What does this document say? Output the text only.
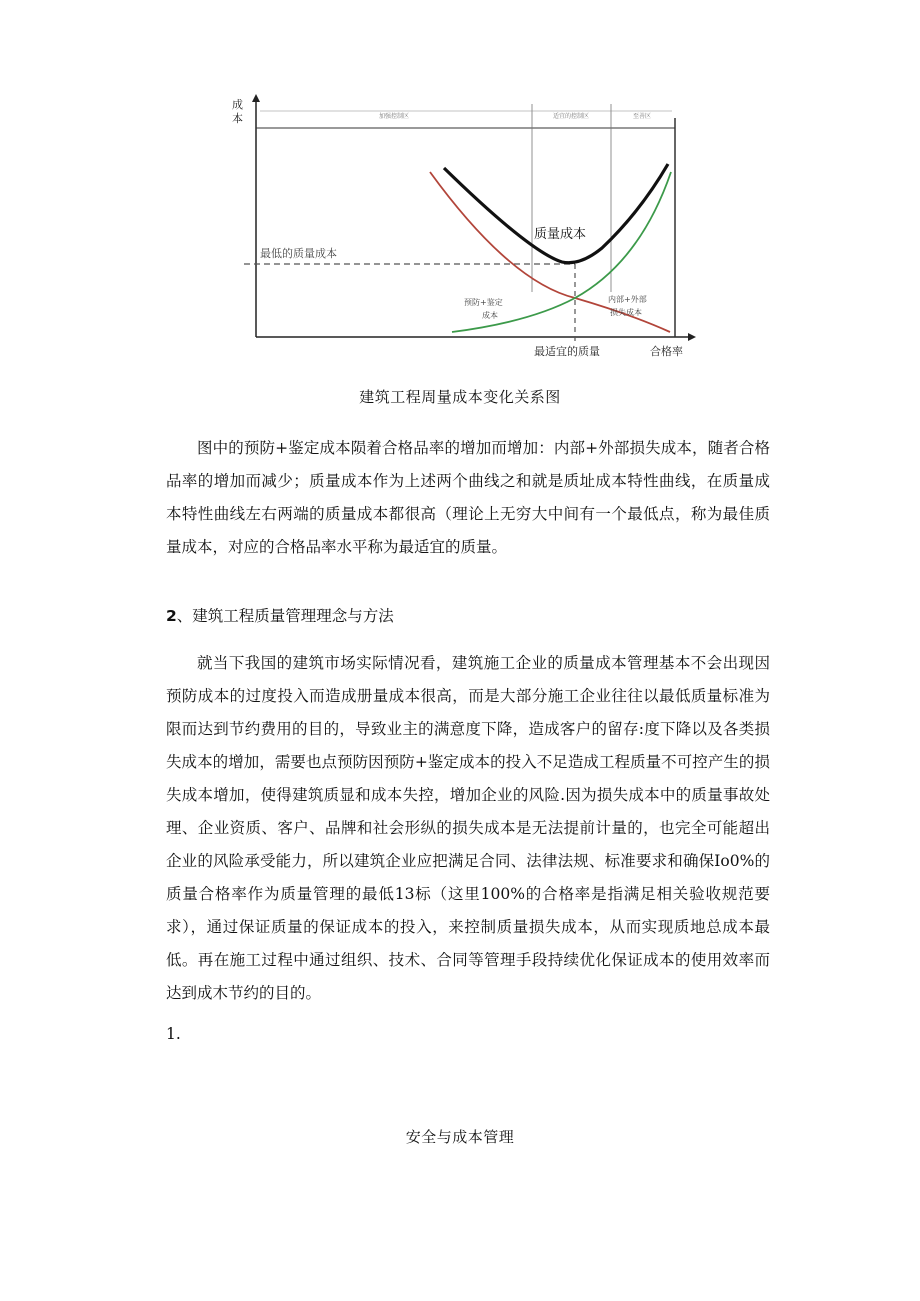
成
本	加强控制区	适宜的控制区	至善区
最低的质量成本
质量成本
预防+鉴定
成本
内部+外部
损失成本
最适宜的质量	合格率
建筑工程周量成本变化关系图

图中的预防+鉴定成本陨着合格品率的增加而增加：内部+外部损失成本，随者合格品率的增加而减少；质量成本作为上述两个曲线之和就是质址成本特性曲线，在质量成本特性曲线左右两端的质量成本都很高（理论上无穷大中间有一个最低点，称为最佳质量成本，对应的合格品率水平称为最适宜的质量。

2、建筑工程质量管理理念与方法

就当下我国的建筑市场实际情况看，建筑施工企业的质量成本管理基本不会出现因预防成本的过度投入而造成册量成本很高，而是大部分施工企业往往以最低质量标准为限而达到节约费用的目的，导致业主的满意度下降，造成客户的留存:度下降以及各类损失成本的增加，需要也点预防因预防+鉴定成本的投入不足造成工程质量不可控产生的损失成本增加，使得建筑质显和成本失控，增加企业的风险.因为损失成本中的质量事故处理、企业资质、客户、品牌和社会形纵的损失成本是无法提前计量的，也完全可能超出企业的风险承受能力，所以建筑企业应把满足合同、法律法规、标准要求和确保Io0%的质量合格率作为质量管理的最低13标（这里100%的合格率是指满足相关验收规范要求），通过保证质量的保证成本的投入，来控制质量损失成本，从而实现质地总成本最低。再在施工过程中通过组织、技术、合同等管理手段持续优化保证成本的使用效率而达到成木节约的目的。

1.
安全与成本管理
